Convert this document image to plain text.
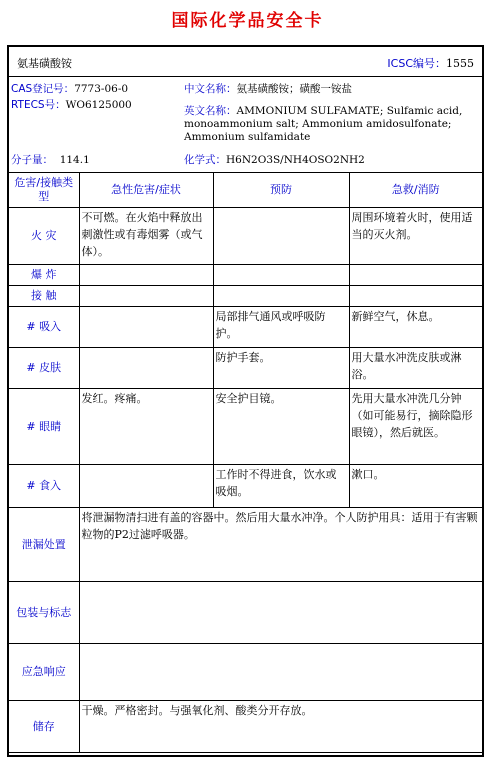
国际化学品安全卡
氨基磺酸铵	ICSC编号：1555
CAS登记号：7773-06-0
RTECS号：WO6125000
分子量： 114.1
中文名称：氨基磺酸铵；磺酸一铵盐
英文名称：AMMONIUM SULFAMATE; Sulfamic acid, monoammonium salt; Ammonium amidosulfonate; Ammonium sulfamidate
化学式：H6N2O3S/NH4OSO2NH2
危害/接触类型	急性危害/症状	预防	急救/消防
火 灾	不可燃。在火焰中释放出刺激性或有毒烟雾（或气体）。		周围环境着火时，使用适当的灭火剂。
爆 炸			
接 触			
# 吸入		局部排气通风或呼吸防护。	新鲜空气，休息。
# 皮肤		防护手套。	用大量水冲洗皮肤或淋浴。
# 眼睛	发红。疼痛。	安全护目镜。	先用大量水冲洗几分钟（如可能易行，摘除隐形眼镜），然后就医。
# 食入		工作时不得进食，饮水或吸烟。	漱口。
泄漏处置	将泄漏物清扫进有盖的容器中。然后用大量水冲净。个人防护用具：适用于有害颗粒物的P2过滤呼吸器。		
包装与标志			
应急响应			
储存	干燥。严格密封。与强氧化剂、酸类分开存放。		
